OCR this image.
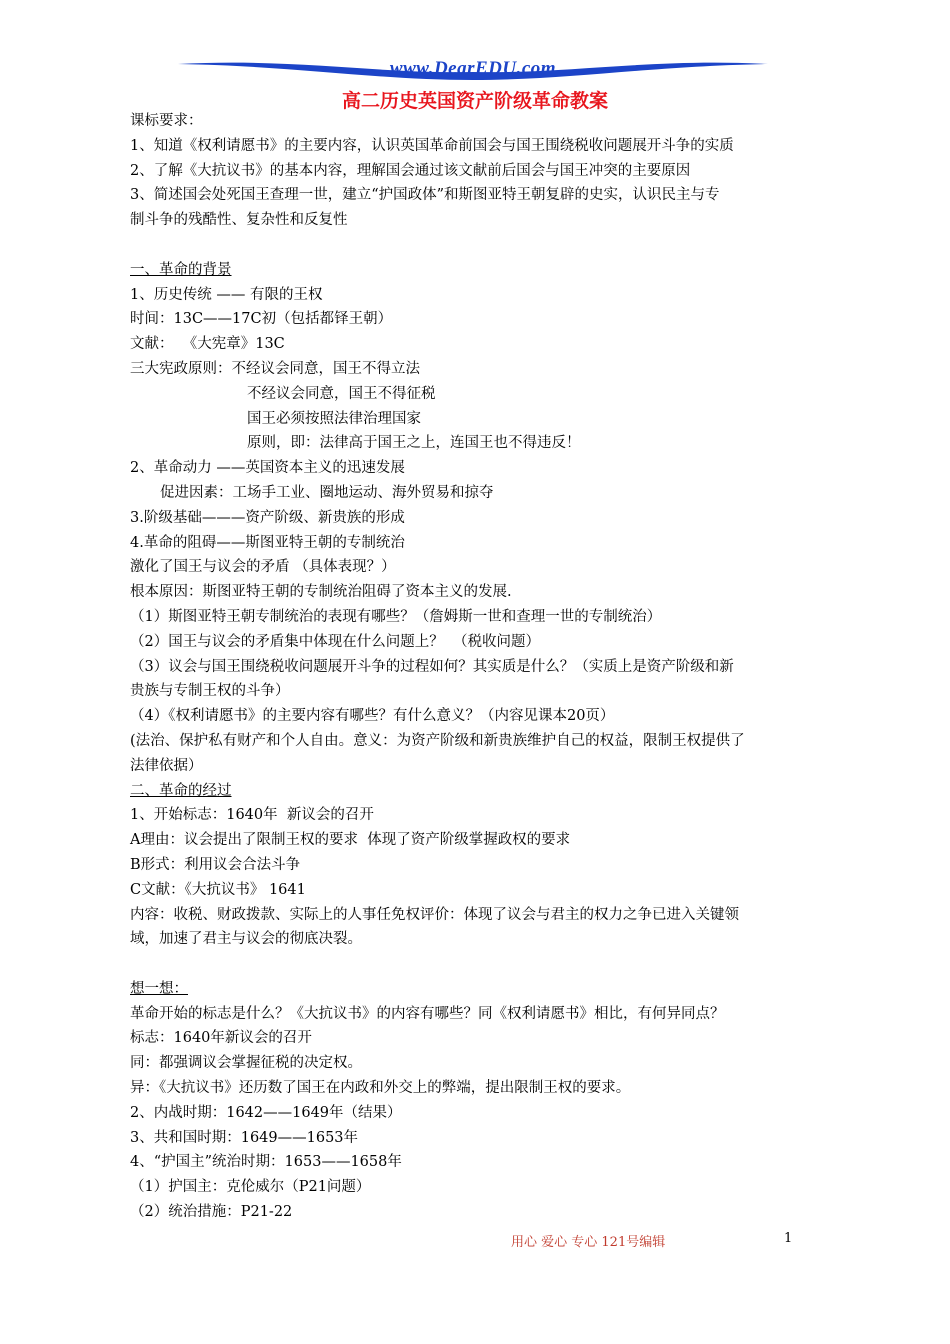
www.DearEDU.com
高二历史英国资产阶级革命教案
课标要求：
1、知道《权利请愿书》的主要内容，认识英国革命前国会与国王围绕税收问题展开斗争的实质
2、了解《大抗议书》的基本内容，理解国会通过该文献前后国会与国王冲突的主要原因
3、简述国会处死国王查理一世，建立“护国政体”和斯图亚特王朝复辟的史实，认识民主与专
制斗争的残酷性、复杂性和反复性
一、革命的背景
1、历史传统 —— 有限的王权
时间：13C——17C初（包括都铎王朝）
文献：  《大宪章》13C
三大宪政原则：不经议会同意，国王不得立法
不经议会同意，国王不得征税
国王必须按照法律治理国家
原则，即：法律高于国王之上，连国王也不得违反！
2、革命动力 ——英国资本主义的迅速发展
促进因素：工场手工业、圈地运动、海外贸易和掠夺
3.阶级基础———资产阶级、新贵族的形成
4.革命的阻碍——斯图亚特王朝的专制统治
激化了国王与议会的矛盾 （具体表现？）
根本原因：斯图亚特王朝的专制统治阻碍了资本主义的发展.
（1）斯图亚特王朝专制统治的表现有哪些？（詹姆斯一世和查理一世的专制统治）
（2）国王与议会的矛盾集中体现在什么问题上？  （税收问题）
（3）议会与国王围绕税收问题展开斗争的过程如何？其实质是什么？（实质上是资产阶级和新
贵族与专制王权的斗争）
（4）《权利请愿书》的主要内容有哪些？有什么意义？（内容见课本20页）
(法治、保护私有财产和个人自由。意义：为资产阶级和新贵族维护自己的权益，限制王权提供了
法律依据）
二、革命的经过
1、开始标志：1640年  新议会的召开
A理由：议会提出了限制王权的要求  体现了资产阶级掌握政权的要求
B形式：利用议会合法斗争
C文献：《大抗议书》 1641
内容：收税、财政拨款、实际上的人事任免权评价：体现了议会与君主的权力之争已进入关键领
域，加速了君主与议会的彻底决裂。
想一想：
革命开始的标志是什么？《大抗议书》的内容有哪些？同《权利请愿书》相比，有何异同点？
标志：1640年新议会的召开
同：都强调议会掌握征税的决定权。
异：《大抗议书》还历数了国王在内政和外交上的弊端，提出限制王权的要求。
2、内战时期：1642——1649年（结果）
3、共和国时期：1649——1653年
4、“护国主”统治时期：1653——1658年
（1）护国主：克伦威尔（P21问题）
（2）统治措施：P21-22
用心 爱心 专心 121号编辑	1
